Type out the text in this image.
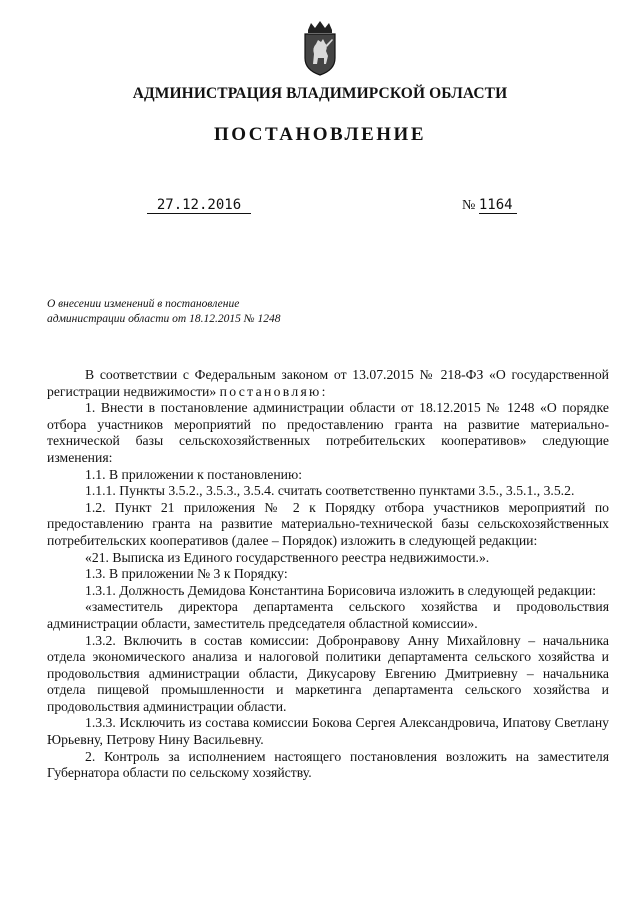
АДМИНИСТРАЦИЯ ВЛАДИМИРСКОЙ ОБЛАСТИ
ПОСТАНОВЛЕНИЕ
27.12.2016	№ 1164
О внесении изменений в постановление
администрации области от 18.12.2015 № 1248

В соответствии с Федеральным законом от 13.07.2015 № 218-ФЗ «О государственной регистрации недвижимости» постановляю:

1. Внести в постановление администрации области от 18.12.2015 № 1248 «О порядке отбора участников мероприятий по предоставлению гранта на развитие материально-технической базы сельскохозяйственных потребительских кооперативов» следующие изменения:

1.1. В приложении к постановлению:

1.1.1. Пункты 3.5.2., 3.5.3., 3.5.4. считать соответственно пунктами 3.5., 3.5.1., 3.5.2.

1.2. Пункт 21 приложения № 2 к Порядку отбора участников мероприятий по предоставлению гранта на развитие материально-технической базы сельскохозяйственных потребительских кооперативов (далее – Порядок) изложить в следующей редакции:

«21. Выписка из Единого государственного реестра недвижимости.».

1.3. В приложении № 3 к Порядку:

1.3.1. Должность Демидова Константина Борисовича изложить в следующей редакции:

«заместитель директора департамента сельского хозяйства и продовольствия администрации области, заместитель председателя областной комиссии».

1.3.2. Включить в состав комиссии: Добронравову Анну Михайловну – начальника отдела экономического анализа и налоговой политики департамента сельского хозяйства и продовольствия администрации области, Дикусарову Евгению Дмитриевну – начальника отдела пищевой промышленности и маркетинга департамента сельского хозяйства и продовольствия администрации области.

1.3.3. Исключить из состава комиссии Бокова Сергея Александровича, Ипатову Светлану Юрьевну, Петрову Нину Васильевну.

2. Контроль за исполнением настоящего постановления возложить на заместителя Губернатора области по сельскому хозяйству.
